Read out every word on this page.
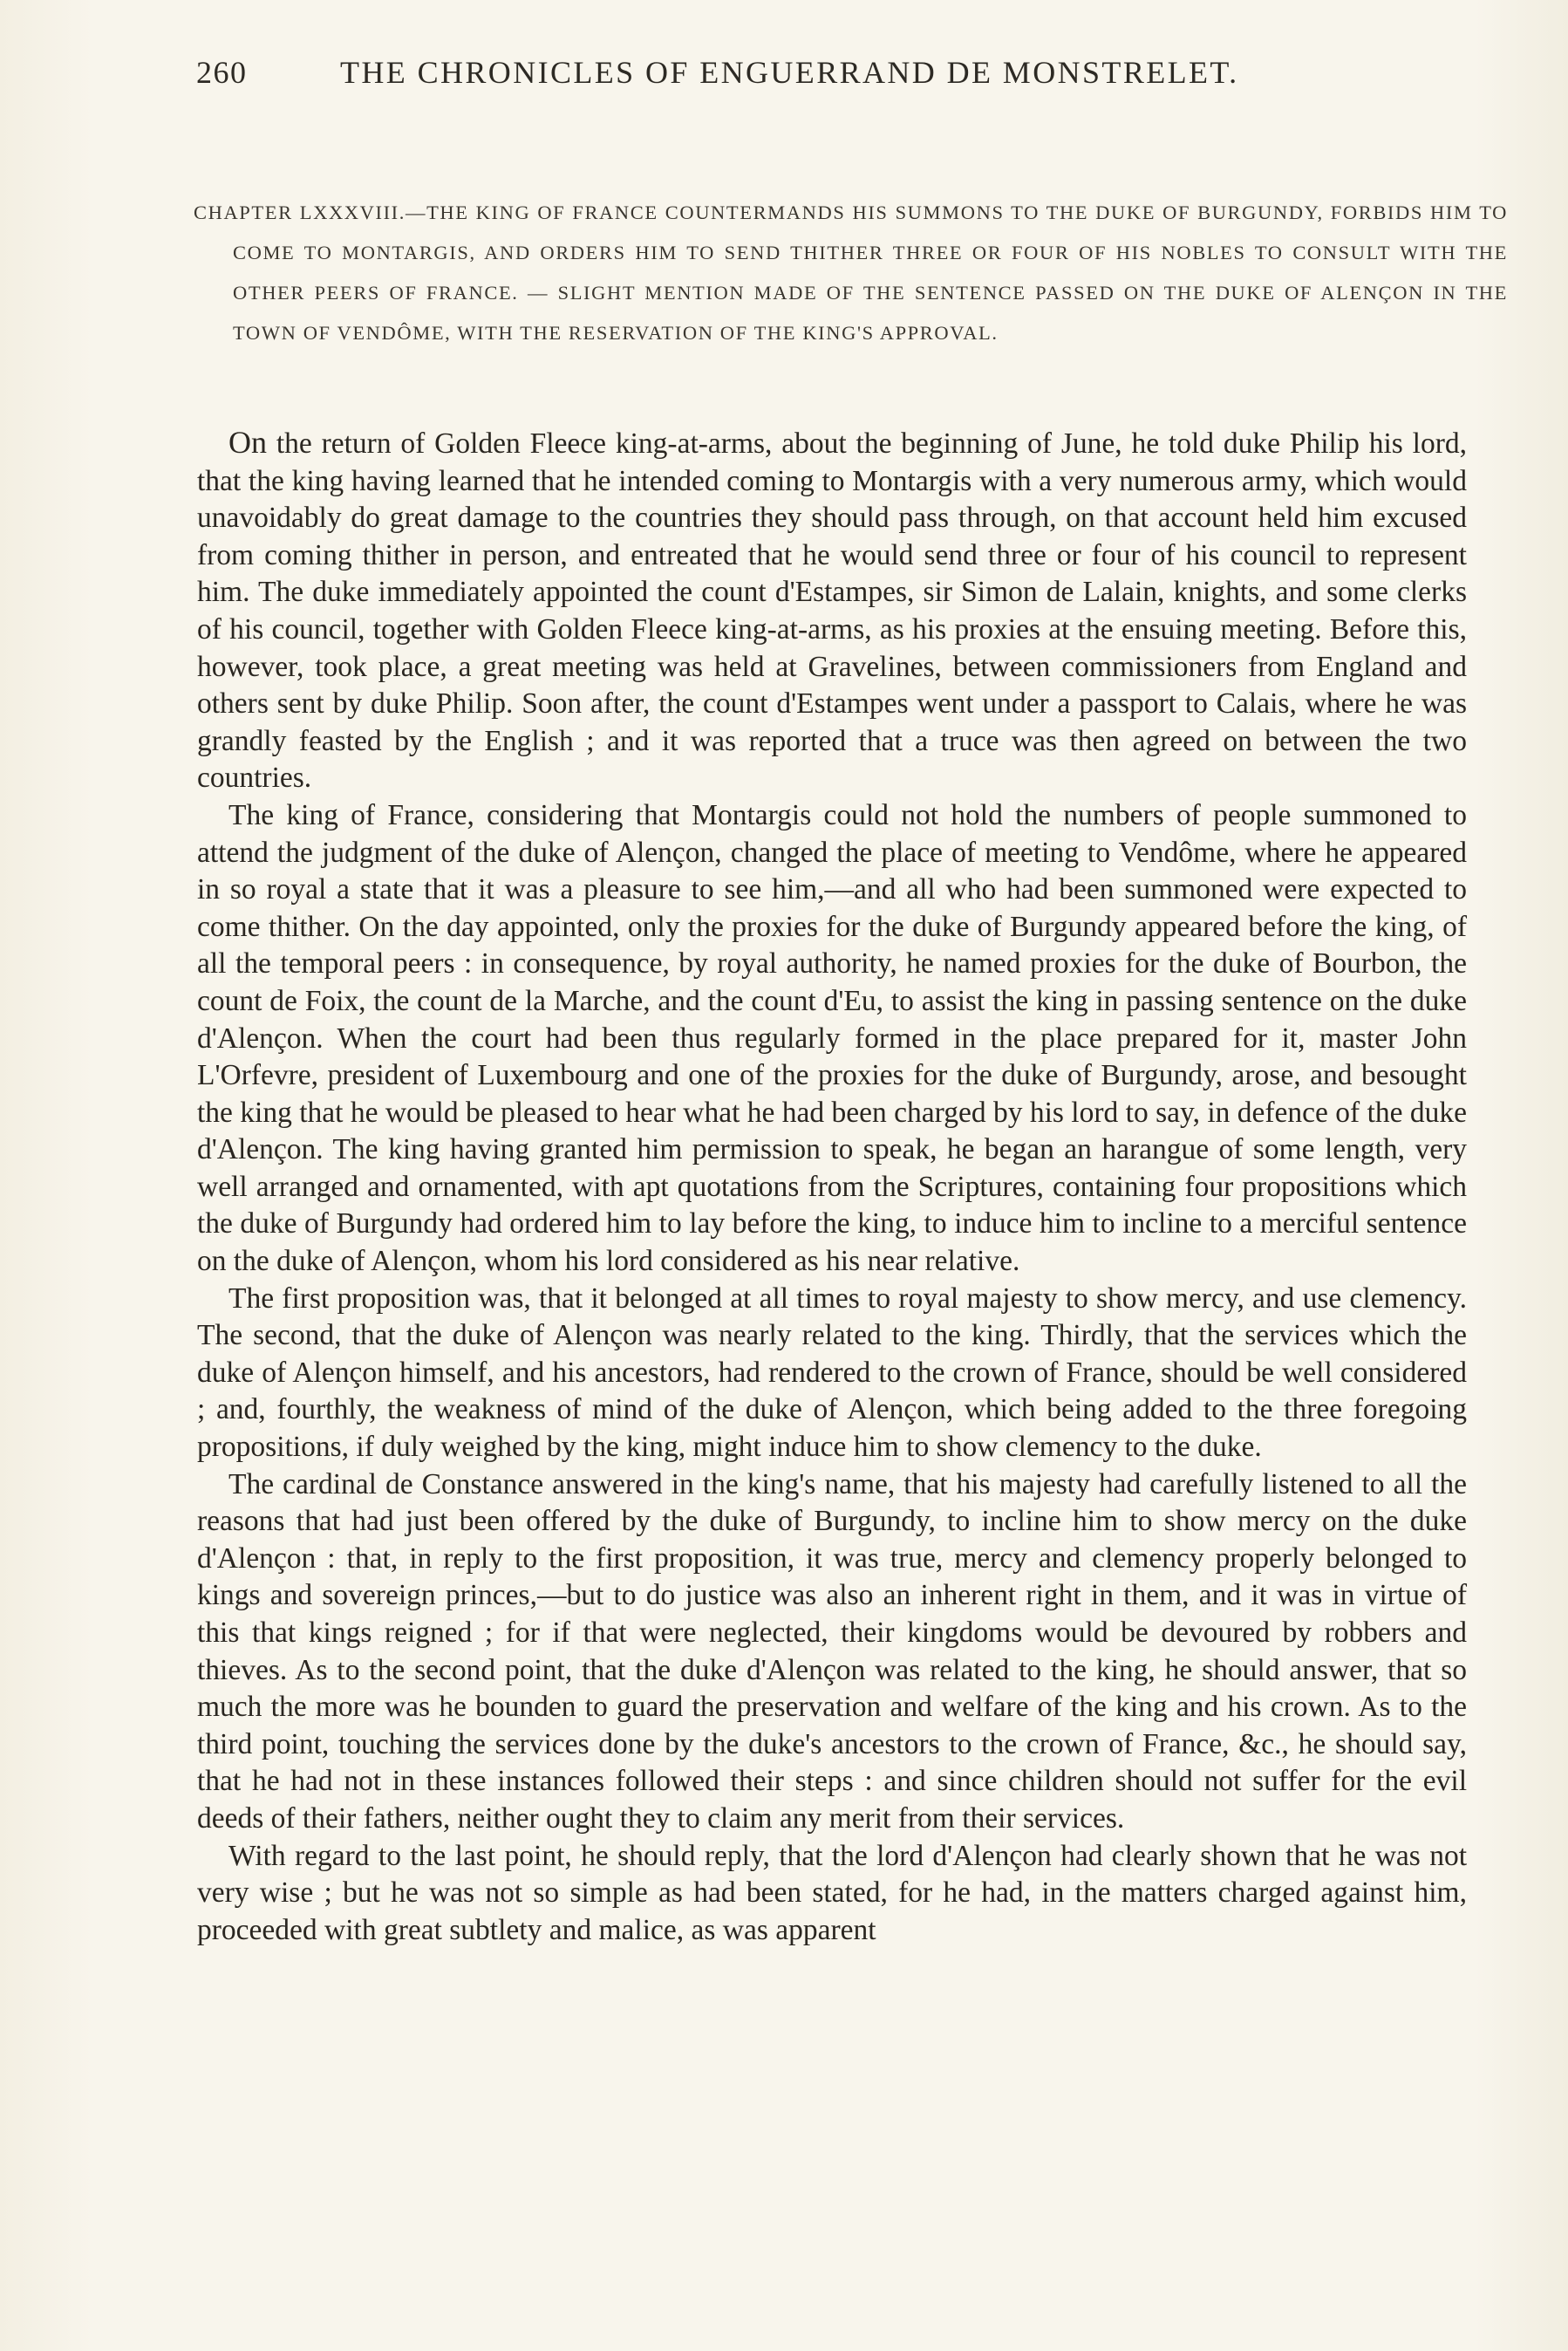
260	THE CHRONICLES OF ENGUERRAND DE MONSTRELET.
CHAPTER LXXXVIII.—THE KING OF FRANCE COUNTERMANDS HIS SUMMONS TO THE DUKE OF BURGUNDY, FORBIDS HIM TO COME TO MONTARGIS, AND ORDERS HIM TO SEND THITHER THREE OR FOUR OF HIS NOBLES TO CONSULT WITH THE OTHER PEERS OF FRANCE. — SLIGHT MENTION MADE OF THE SENTENCE PASSED ON THE DUKE OF ALENÇON IN THE TOWN OF VENDÔME, WITH THE RESERVATION OF THE KING'S APPROVAL.

On the return of Golden Fleece king-at-arms, about the beginning of June, he told duke Philip his lord, that the king having learned that he intended coming to Montargis with a very numerous army, which would unavoidably do great damage to the countries they should pass through, on that account held him excused from coming thither in person, and entreated that he would send three or four of his council to represent him. The duke immediately appointed the count d'Estampes, sir Simon de Lalain, knights, and some clerks of his council, together with Golden Fleece king-at-arms, as his proxies at the ensuing meeting. Before this, however, took place, a great meeting was held at Gravelines, between commissioners from England and others sent by duke Philip. Soon after, the count d'Estampes went under a passport to Calais, where he was grandly feasted by the English ; and it was reported that a truce was then agreed on between the two countries.

The king of France, considering that Montargis could not hold the numbers of people summoned to attend the judgment of the duke of Alençon, changed the place of meeting to Vendôme, where he appeared in so royal a state that it was a pleasure to see him,—and all who had been summoned were expected to come thither. On the day appointed, only the proxies for the duke of Burgundy appeared before the king, of all the temporal peers : in consequence, by royal authority, he named proxies for the duke of Bourbon, the count de Foix, the count de la Marche, and the count d'Eu, to assist the king in passing sentence on the duke d'Alençon. When the court had been thus regularly formed in the place prepared for it, master John L'Orfevre, president of Luxembourg and one of the proxies for the duke of Burgundy, arose, and besought the king that he would be pleased to hear what he had been charged by his lord to say, in defence of the duke d'Alençon. The king having granted him permission to speak, he began an harangue of some length, very well arranged and ornamented, with apt quotations from the Scriptures, containing four propositions which the duke of Burgundy had ordered him to lay before the king, to induce him to incline to a merciful sentence on the duke of Alençon, whom his lord considered as his near relative.

The first proposition was, that it belonged at all times to royal majesty to show mercy, and use clemency. The second, that the duke of Alençon was nearly related to the king. Thirdly, that the services which the duke of Alençon himself, and his ancestors, had rendered to the crown of France, should be well considered ; and, fourthly, the weakness of mind of the duke of Alençon, which being added to the three foregoing propositions, if duly weighed by the king, might induce him to show clemency to the duke.

The cardinal de Constance answered in the king's name, that his majesty had carefully listened to all the reasons that had just been offered by the duke of Burgundy, to incline him to show mercy on the duke d'Alençon : that, in reply to the first proposition, it was true, mercy and clemency properly belonged to kings and sovereign princes,—but to do justice was also an inherent right in them, and it was in virtue of this that kings reigned ; for if that were neglected, their kingdoms would be devoured by robbers and thieves. As to the second point, that the duke d'Alençon was related to the king, he should answer, that so much the more was he bounden to guard the preservation and welfare of the king and his crown. As to the third point, touching the services done by the duke's ancestors to the crown of France, &c., he should say, that he had not in these instances followed their steps : and since children should not suffer for the evil deeds of their fathers, neither ought they to claim any merit from their services.

With regard to the last point, he should reply, that the lord d'Alençon had clearly shown that he was not very wise ; but he was not so simple as had been stated, for he had, in the matters charged against him, proceeded with great subtlety and malice, as was apparent
